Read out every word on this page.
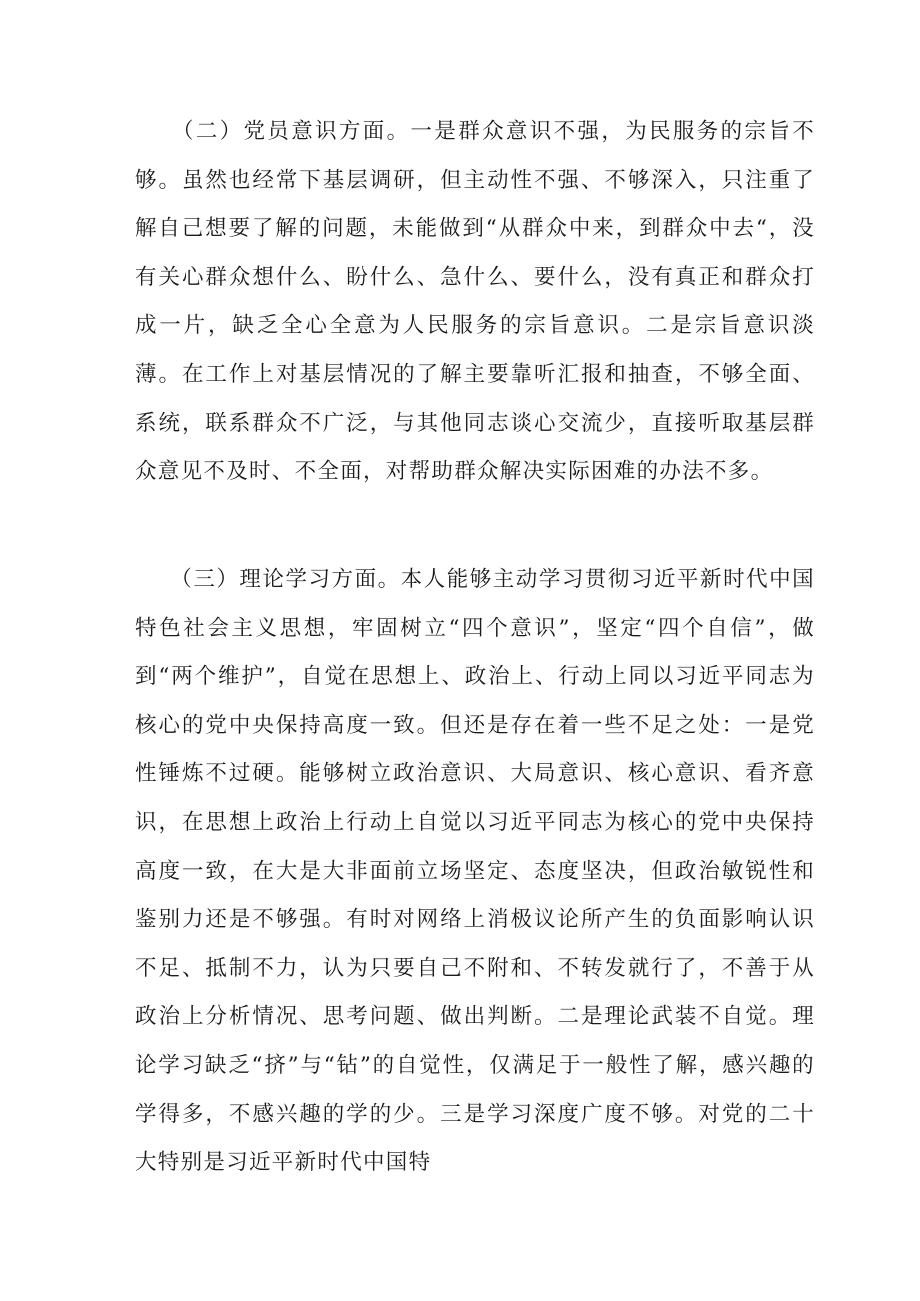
　　（二）党员意识方面。一是群众意识不强，为民服务的宗旨不够。虽然也经常下基层调研，但主动性不强、不够深入，只注重了解自己想要了解的问题，未能做到“从群众中来，到群众中去“，没有关心群众想什么、盼什么、急什么、要什么，没有真正和群众打成一片，缺乏全心全意为人民服务的宗旨意识。二是宗旨意识淡薄。在工作上对基层情况的了解主要靠听汇报和抽查，不够全面、系统，联系群众不广泛，与其他同志谈心交流少，直接听取基层群众意见不及时、不全面，对帮助群众解决实际困难的办法不多。

　　（三）理论学习方面。本人能够主动学习贯彻习近平新时代中国特色社会主义思想，牢固树立“四个意识”，坚定“四个自信”，做到“两个维护”，自觉在思想上、政治上、行动上同以习近平同志为核心的党中央保持高度一致。但还是存在着一些不足之处：一是党性锤炼不过硬。能够树立政治意识、大局意识、核心意识、看齐意识，在思想上政治上行动上自觉以习近平同志为核心的党中央保持高度一致，在大是大非面前立场坚定、态度坚决，但政治敏锐性和鉴别力还是不够强。有时对网络上消极议论所产生的负面影响认识不足、抵制不力，认为只要自己不附和、不转发就行了，不善于从政治上分析情况、思考问题、做出判断。二是理论武装不自觉。理论学习缺乏“挤”与“钻”的自觉性，仅满足于一般性了解，感兴趣的学得多，不感兴趣的学的少。三是学习深度广度不够。对党的二十大特别是习近平新时代中国特
